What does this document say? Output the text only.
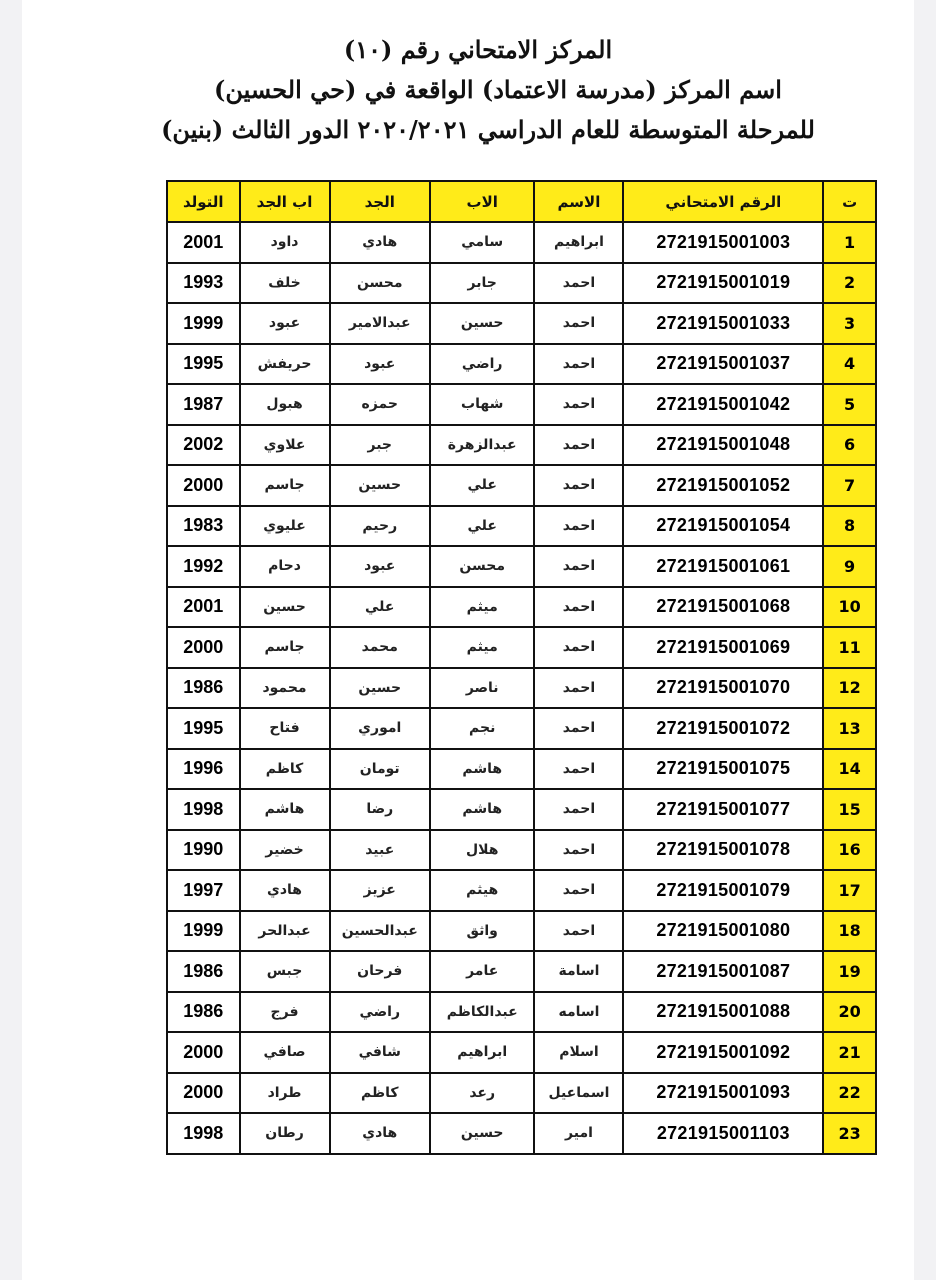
المركز الامتحاني رقم (١٠)
اسم المركز (مدرسة الاعتماد) الواقعة في (حي الحسين)
للمرحلة المتوسطة للعام الدراسي ٢٠٢٠/٢٠٢١ الدور الثالث (بنين)
ت	الرقم الامتحاني	الاسم	الاب	الجد	اب الجد	التولد
1	2721915001003	ابراهيم	سامي	هادي	داود	2001
2	2721915001019	احمد	جابر	محسن	خلف	1993
3	2721915001033	احمد	حسين	عبدالامير	عبود	1999
4	2721915001037	احمد	راضي	عبود	حريفش	1995
5	2721915001042	احمد	شهاب	حمزه	هبول	1987
6	2721915001048	احمد	عبدالزهرة	جبر	علاوي	2002
7	2721915001052	احمد	علي	حسين	جاسم	2000
8	2721915001054	احمد	علي	رحيم	عليوي	1983
9	2721915001061	احمد	محسن	عبود	دحام	1992
10	2721915001068	احمد	ميثم	علي	حسين	2001
11	2721915001069	احمد	ميثم	محمد	جاسم	2000
12	2721915001070	احمد	ناصر	حسين	محمود	1986
13	2721915001072	احمد	نجم	اموري	فتاح	1995
14	2721915001075	احمد	هاشم	تومان	كاظم	1996
15	2721915001077	احمد	هاشم	رضا	هاشم	1998
16	2721915001078	احمد	هلال	عبيد	خضير	1990
17	2721915001079	احمد	هيثم	عزيز	هادي	1997
18	2721915001080	احمد	واثق	عبدالحسين	عبدالحر	1999
19	2721915001087	اسامة	عامر	فرحان	جبس	1986
20	2721915001088	اسامه	عبدالكاظم	راضي	فرج	1986
21	2721915001092	اسلام	ابراهيم	شافي	صافي	2000
22	2721915001093	اسماعيل	رعد	كاظم	طراد	2000
23	2721915001103	امير	حسين	هادي	رطان	1998
